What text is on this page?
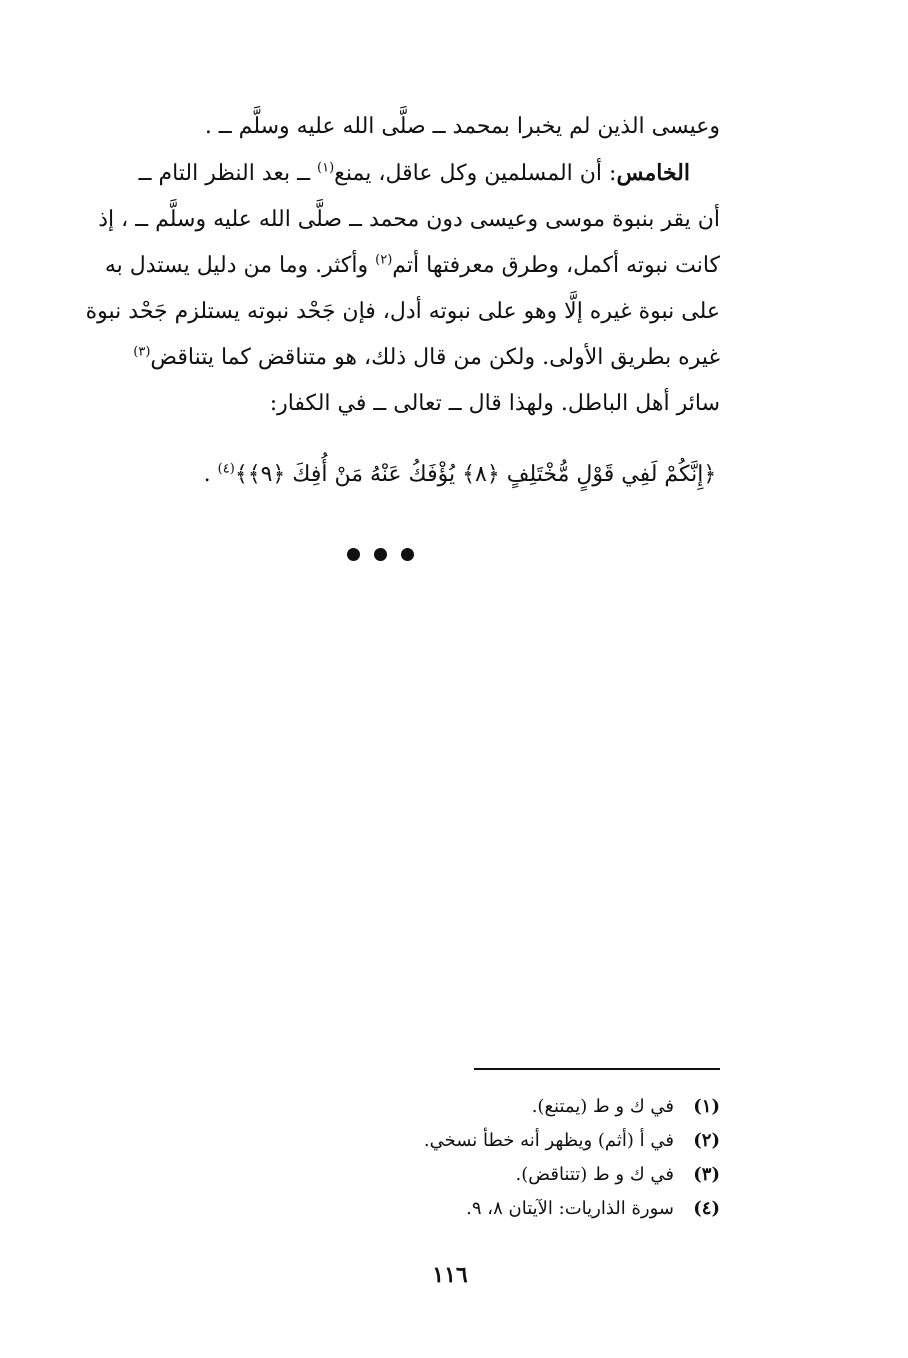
وعيسى الذين لم يخبرا بمحمد ــ صلَّى الله عليه وسلَّم ــ .
الخامس: أن المسلمين وكل عاقل، يمنع$^{(١)}$ ــ بعد النظر التام ــ
أن يقر بنبوة موسى وعيسى دون محمد ــ صلَّى الله عليه وسلَّم ــ ، إذ
كانت نبوته أكمل، وطرق معرفتها أتم$^{(٢)}$ وأكثر. وما من دليل يستدل به
على نبوة غيره إلَّا وهو على نبوته أدل، فإن جَحْد نبوته يستلزم جَحْد نبوة
غيره بطريق الأولى. ولكن من قال ذلك، هو متناقض كما يتناقض$^{(٣)}$
سائر أهل الباطل. ولهذا قال ــ تعالى ــ في الكفار:
﴿إِنَّكُمْ لَفِي قَوْلٍ مُّخْتَلِفٍ ﴿٨﴾ يُؤْفَكُ عَنْهُ مَنْ أُفِكَ ﴿٩﴾﴾$^{(٤)}$ .
(١)
في ك و ط (يمتنع).
(٢)
في أ (أثم) ويظهر أنه خطأ نسخي.
(٣)
في ك و ط (تتناقض).
(٤)
سورة الذاريات: الآيتان ٨، ٩.
١١٦
